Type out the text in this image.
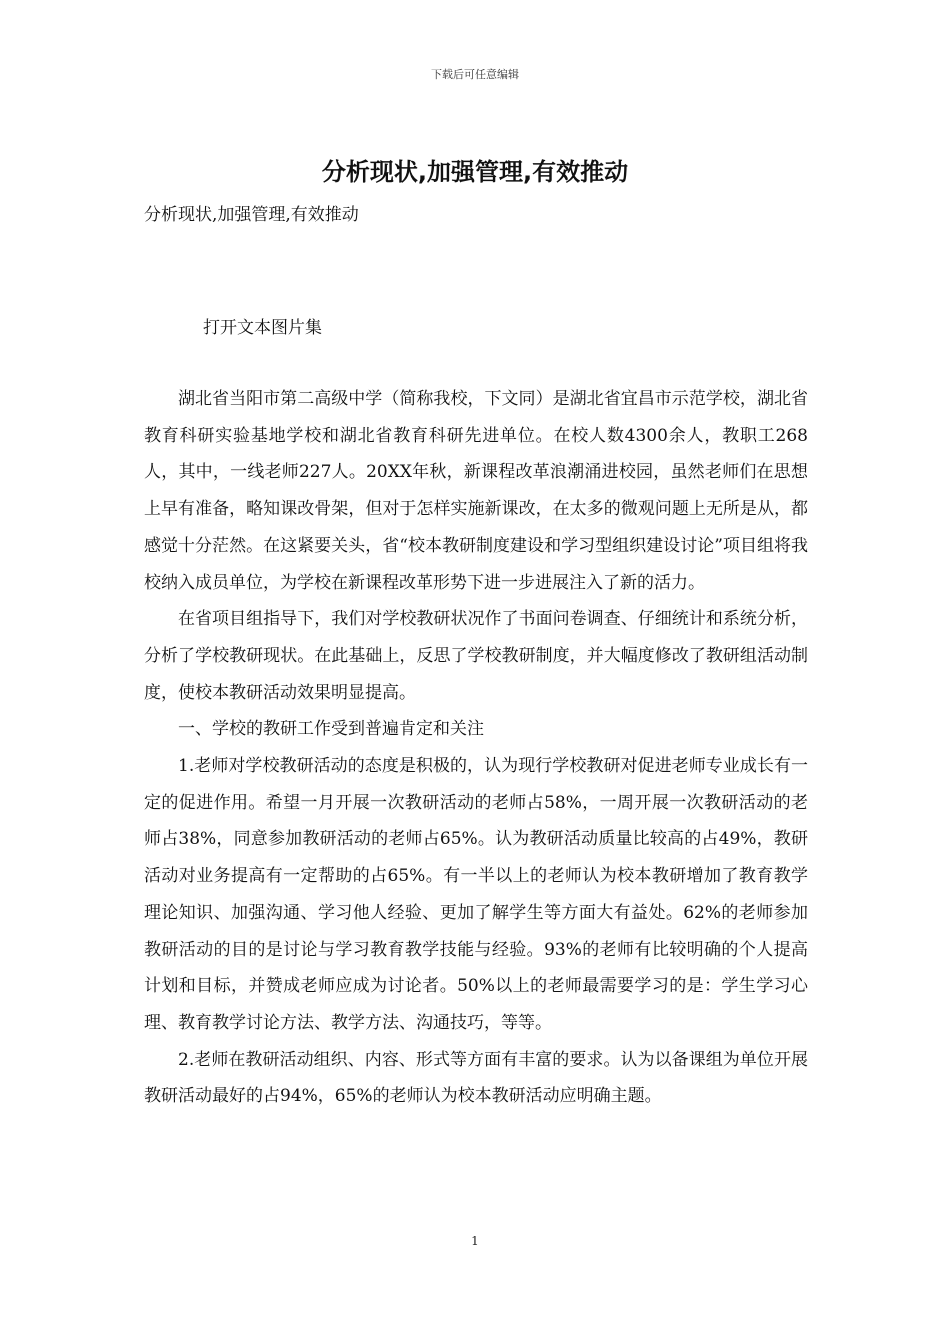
下载后可任意编辑
分析现状,加强管理,有效推动
分析现状,加强管理,有效推动
打开文本图片集

湖北省当阳市第二高级中学（简称我校，下文同）是湖北省宜昌市示范学校，湖北省教育科研实验基地学校和湖北省教育科研先进单位。在校人数4300余人，教职工268人，其中，一线老师227人。20XX年秋，新课程改革浪潮涌进校园，虽然老师们在思想上早有准备，略知课改骨架，但对于怎样实施新课改，在太多的微观问题上无所是从，都感觉十分茫然。在这紧要关头，省“校本教研制度建设和学习型组织建设讨论”项目组将我校纳入成员单位，为学校在新课程改革形势下进一步进展注入了新的活力。

在省项目组指导下，我们对学校教研状况作了书面问卷调查、仔细统计和系统分析，分析了学校教研现状。在此基础上，反思了学校教研制度，并大幅度修改了教研组活动制度，使校本教研活动效果明显提高。

一、学校的教研工作受到普遍肯定和关注

1.老师对学校教研活动的态度是积极的，认为现行学校教研对促进老师专业成长有一定的促进作用。希望一月开展一次教研活动的老师占58%，一周开展一次教研活动的老师占38%，同意参加教研活动的老师占65%。认为教研活动质量比较高的占49%，教研活动对业务提高有一定帮助的占65%。有一半以上的老师认为校本教研增加了教育教学理论知识、加强沟通、学习他人经验、更加了解学生等方面大有益处。62%的老师参加教研活动的目的是讨论与学习教育教学技能与经验。93%的老师有比较明确的个人提高计划和目标，并赞成老师应成为讨论者。50%以上的老师最需要学习的是：学生学习心理、教育教学讨论方法、教学方法、沟通技巧，等等。

2.老师在教研活动组织、内容、形式等方面有丰富的要求。认为以备课组为单位开展教研活动最好的占94%，65%的老师认为校本教研活动应明确主题。

1
